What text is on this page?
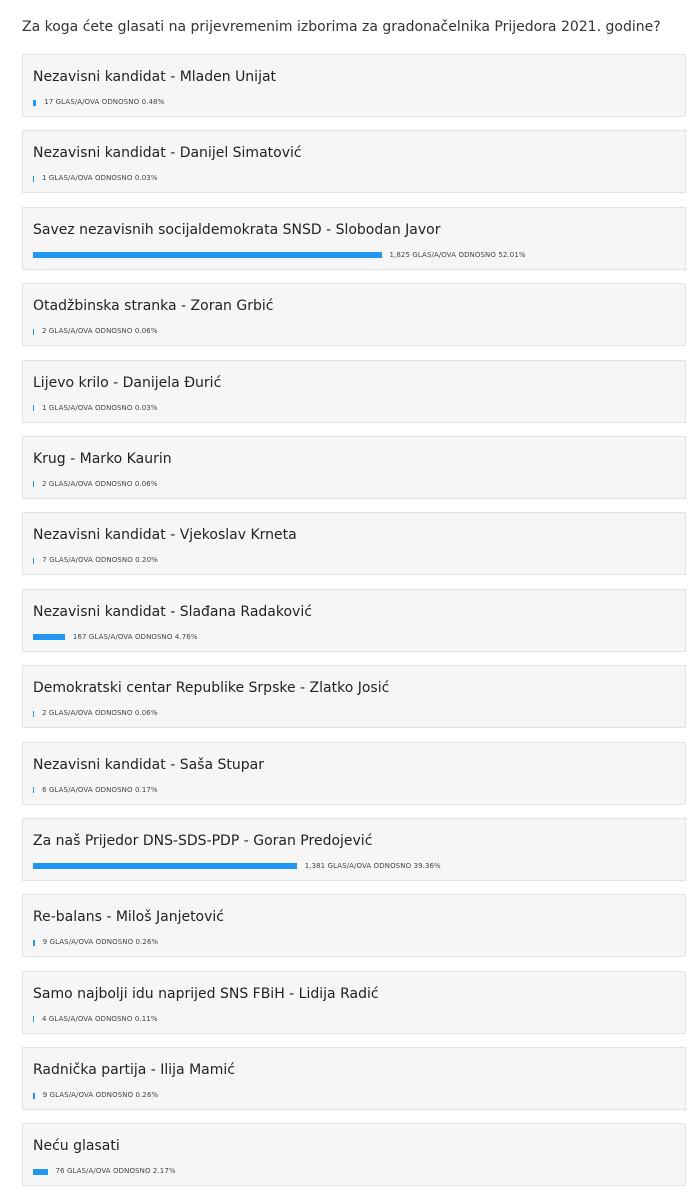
Za koga ćete glasati na prijevremenim izborima za gradonačelnika Prijedora 2021. godine?
Nezavisni kandidat - Mladen Unijat
17 GLAS/A/OVA ODNOSNO 0.48%
Nezavisni kandidat - Danijel Simatović
1 GLAS/A/OVA ODNOSNO 0.03%
Savez nezavisnih socijaldemokrata SNSD - Slobodan Javor
1,825 GLAS/A/OVA ODNOSNO 52.01%
Otadžbinska stranka - Zoran Grbić
2 GLAS/A/OVA ODNOSNO 0.06%
Lijevo krilo - Danijela Đurić
1 GLAS/A/OVA ODNOSNO 0.03%
Krug - Marko Kaurin
2 GLAS/A/OVA ODNOSNO 0.06%
Nezavisni kandidat - Vjekoslav Krneta
7 GLAS/A/OVA ODNOSNO 0.20%
Nezavisni kandidat - Slađana Radaković
167 GLAS/A/OVA ODNOSNO 4.76%
Demokratski centar Republike Srpske - Zlatko Josić
2 GLAS/A/OVA ODNOSNO 0.06%
Nezavisni kandidat - Saša Stupar
6 GLAS/A/OVA ODNOSNO 0.17%
Za naš Prijedor DNS-SDS-PDP - Goran Predojević
1,381 GLAS/A/OVA ODNOSNO 39.36%
Re-balans - Miloš Janjetović
9 GLAS/A/OVA ODNOSNO 0.26%
Samo najbolji idu naprijed SNS FBiH - Lidija Radić
4 GLAS/A/OVA ODNOSNO 0.11%
Radnička partija - Ilija Mamić
9 GLAS/A/OVA ODNOSNO 0.26%
Neću glasati
76 GLAS/A/OVA ODNOSNO 2.17%
